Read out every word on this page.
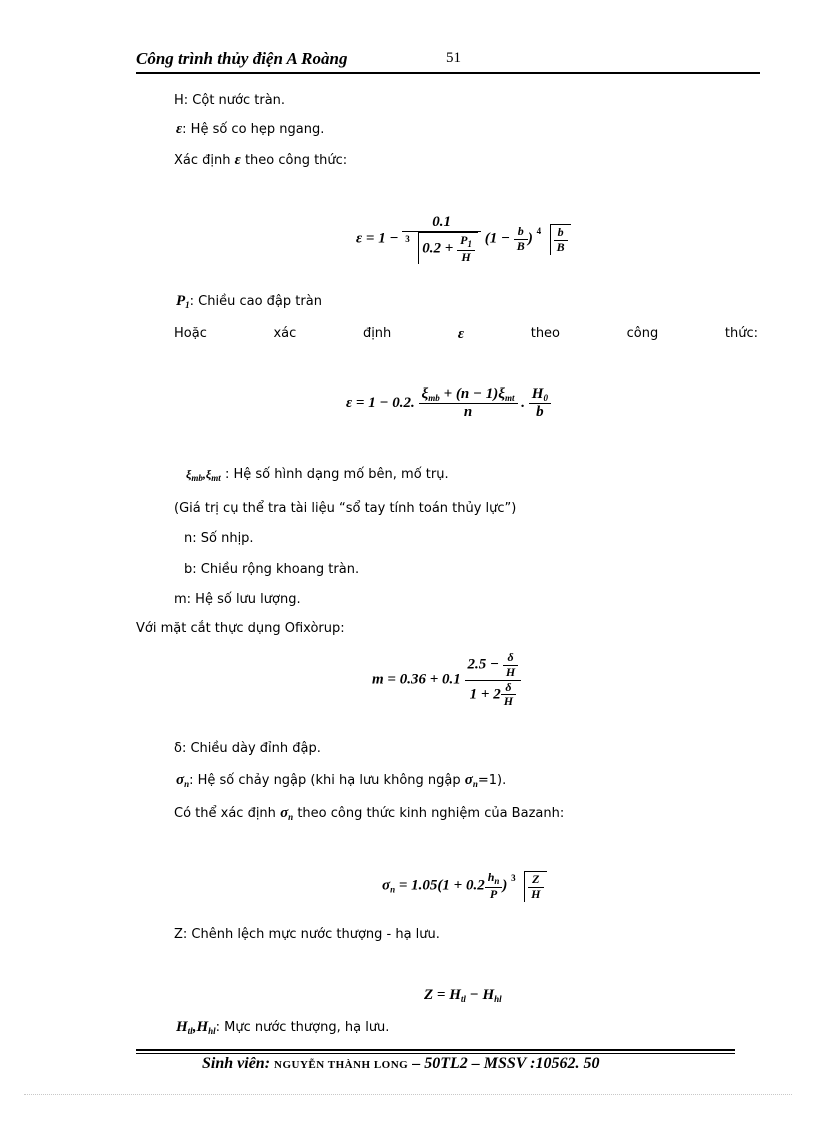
Công trình thủy điện A Roàng	51
H: Cột nước tràn.
ε: Hệ số co hẹp ngang.
Xác định ε theo công thức:
ε = 1 − 0.1
3
$0.2 + \frac{P_1}{H} (1 - \frac{b}{B}$ ) $4 \frac{b}{B}$
$P_1$: Chiều cao đập tràn
Hoặc	xác	định	ε	theo	công	thức:
ε = 1 − 0.2. $\frac{\xi_{mb} + (n - 1)\xi_{mt}}{n}$ . $\frac{H_0}{b}$
$\xi_{mb},\xi_{mt}$ : Hệ số hình dạng mố bên, mố trụ.
(Giá trị cụ thể tra tài liệu “sổ tay tính toán thủy lực”)
n: Số nhịp.
b: Chiều rộng khoang tràn.
m: Hệ số lưu lượng.
Với mặt cắt thực dụng Ofixòrup:
$m = 0.36 + 0.1 \frac{2.5 - \frac{\delta}{H}}{1 + 2 \frac{\delta}{H}}$
δ: Chiều dày đỉnh đập.
$\sigma_n$: Hệ số chảy ngập (khi hạ lưu không ngập $\sigma_n=1$).
Có thể xác định $\sigma_n$ theo công thức kinh nghiệm của Bazanh:
$\sigma_n = 1.05(1 + 0.2 \frac{h_n}{P}$ ) $3 \frac{Z}{H}$
Z: Chênh lệch mực nước thượng - hạ lưu.
$Z = H_{tl} - H_{hl}$
$H_{tl},H_{hl}$: Mực nước thượng, hạ lưu.
Sinh viên: NGUYỄN THÀNH LONG – 50TL2 – MSSV :10562. 50
